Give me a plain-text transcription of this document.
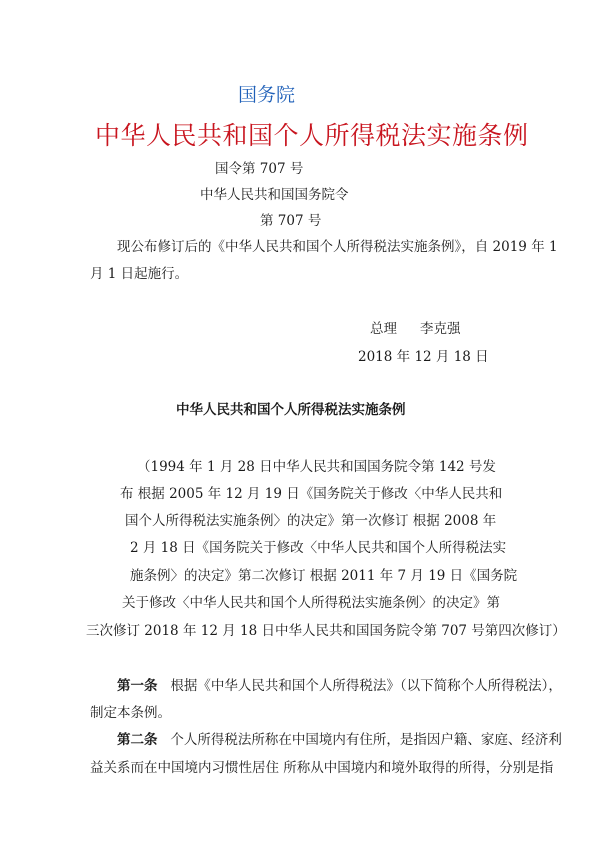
国务院
中华人民共和国个人所得税法实施条例
国令第 707 号
中华人民共和国国务院令
第 707 号
现公布修订后的《中华人民共和国个人所得税法实施条例》，自 2019 年 1
月 1 日起施行。
总理 李克强
2018 年 12 月 18 日
中华人民共和国个人所得税法实施条例
（1994 年 1 月 28 日中华人民共和国国务院令第 142 号发
布 根据 2005 年 12 月 19 日《国务院关于修改〈中华人民共和
国个人所得税法实施条例〉的决定》第一次修订 根据 2008 年
2 月 18 日《国务院关于修改〈中华人民共和国个人所得税法实
施条例〉的决定》第二次修订 根据 2011 年 7 月 19 日《国务院
关于修改〈中华人民共和国个人所得税法实施条例〉的决定》第
三次修订 2018 年 12 月 18 日中华人民共和国国务院令第 707 号第四次修订）
第一条 根据《中华人民共和国个人所得税法》（以下简称个人所得税法），
制定本条例。
第二条 个人所得税法所称在中国境内有住所，是指因户籍、家庭、经济利
益关系而在中国境内习惯性居住 所称从中国境内和境外取得的所得，分别是指
